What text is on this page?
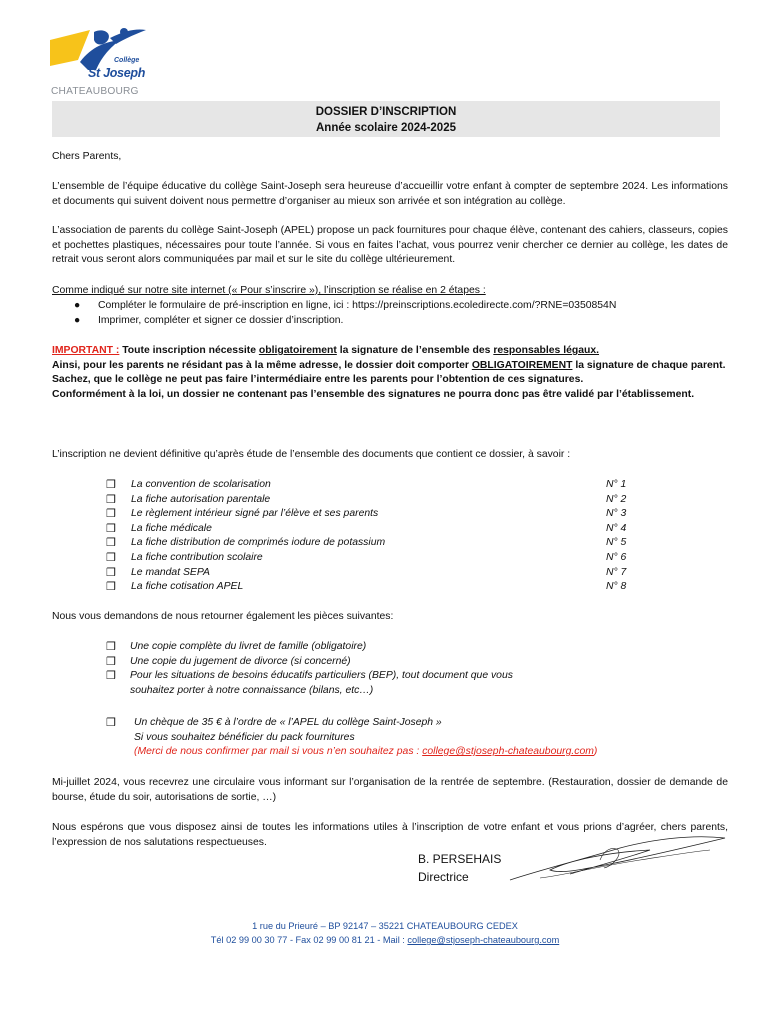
Collège
St Joseph
CHATEAUBOURG
DOSSIER D’INSCRIPTION
Année scolaire 2024-2025
Chers Parents,
L’ensemble de l’équipe éducative du collège Saint-Joseph sera heureuse d’accueillir votre enfant à compter de septembre 2024. Les informations et documents qui suivent doivent nous permettre d’organiser au mieux son arrivée et son intégration au collège.
L’association de parents du collège Saint-Joseph (APEL) propose un pack fournitures pour chaque élève, contenant des cahiers, classeurs, copies et pochettes plastiques, nécessaires pour toute l’année. Si vous en faites l’achat, vous pourrez venir chercher ce dernier au collège, les dates de retrait vous seront alors communiquées par mail et sur le site du collège ultérieurement.
Comme indiqué sur notre site internet (« Pour s’inscrire »), l’inscription se réalise en 2 étapes :
●	Compléter le formulaire de pré-inscription en ligne, ici : https://preinscriptions.ecoledirecte.com/?RNE=0350854N
●	Imprimer, compléter et signer ce dossier d’inscription.
IMPORTANT : Toute inscription nécessite obligatoirement la signature de l’ensemble des responsables légaux.
Ainsi, pour les parents ne résidant pas à la même adresse, le dossier doit comporter OBLIGATOIREMENT la signature de chaque parent.
Sachez, que le collège ne peut pas faire l’intermédiaire entre les parents pour l’obtention de ces signatures.
Conformément à la loi, un dossier ne contenant pas l’ensemble des signatures ne pourra donc pas être validé par l’établissement.
L’inscription ne devient définitive qu’après étude de l’ensemble des documents que contient ce dossier, à savoir :
❒	La convention de scolarisation	N° 1
❒	La fiche autorisation parentale	N° 2
❒	Le règlement intérieur signé par l’élève et ses parents	N° 3
❒	La fiche médicale	N° 4
❒	La fiche distribution de comprimés iodure de potassium	N° 5
❒	La fiche contribution scolaire	N° 6
❒	Le mandat SEPA	N° 7
❒	La fiche cotisation APEL	N° 8
Nous vous demandons de nous retourner également les pièces suivantes:
❒	Une copie complète du livret de famille (obligatoire)
❒	Une copie du jugement de divorce (si concerné)
❒	Pour les situations de besoins éducatifs particuliers (BEP), tout document que vous souhaitez porter à notre connaissance (bilans, etc…)
❒	Un chèque de 35 € à l’ordre de « l’APEL du collège Saint-Joseph »
Si vous souhaitez bénéficier du pack fournitures
(Merci de nous confirmer par mail si vous n’en souhaitez pas : college@stjoseph-chateaubourg.com)
Mi-juillet 2024, vous recevrez une circulaire vous informant sur l’organisation de la rentrée de septembre. (Restauration, dossier de demande de bourse, étude du soir, autorisations de sortie, …)
Nous espérons que vous disposez ainsi de toutes les informations utiles à l’inscription de votre enfant et vous prions d’agréer, chers parents, l’expression de nos salutations respectueuses.
B. PERSEHAIS
Directrice
1 rue du Prieuré – BP 92147 – 35221 CHATEAUBOURG CEDEX
Tél 02 99 00 30 77 - Fax 02 99 00 81 21 - Mail : college@stjoseph-chateaubourg.com
